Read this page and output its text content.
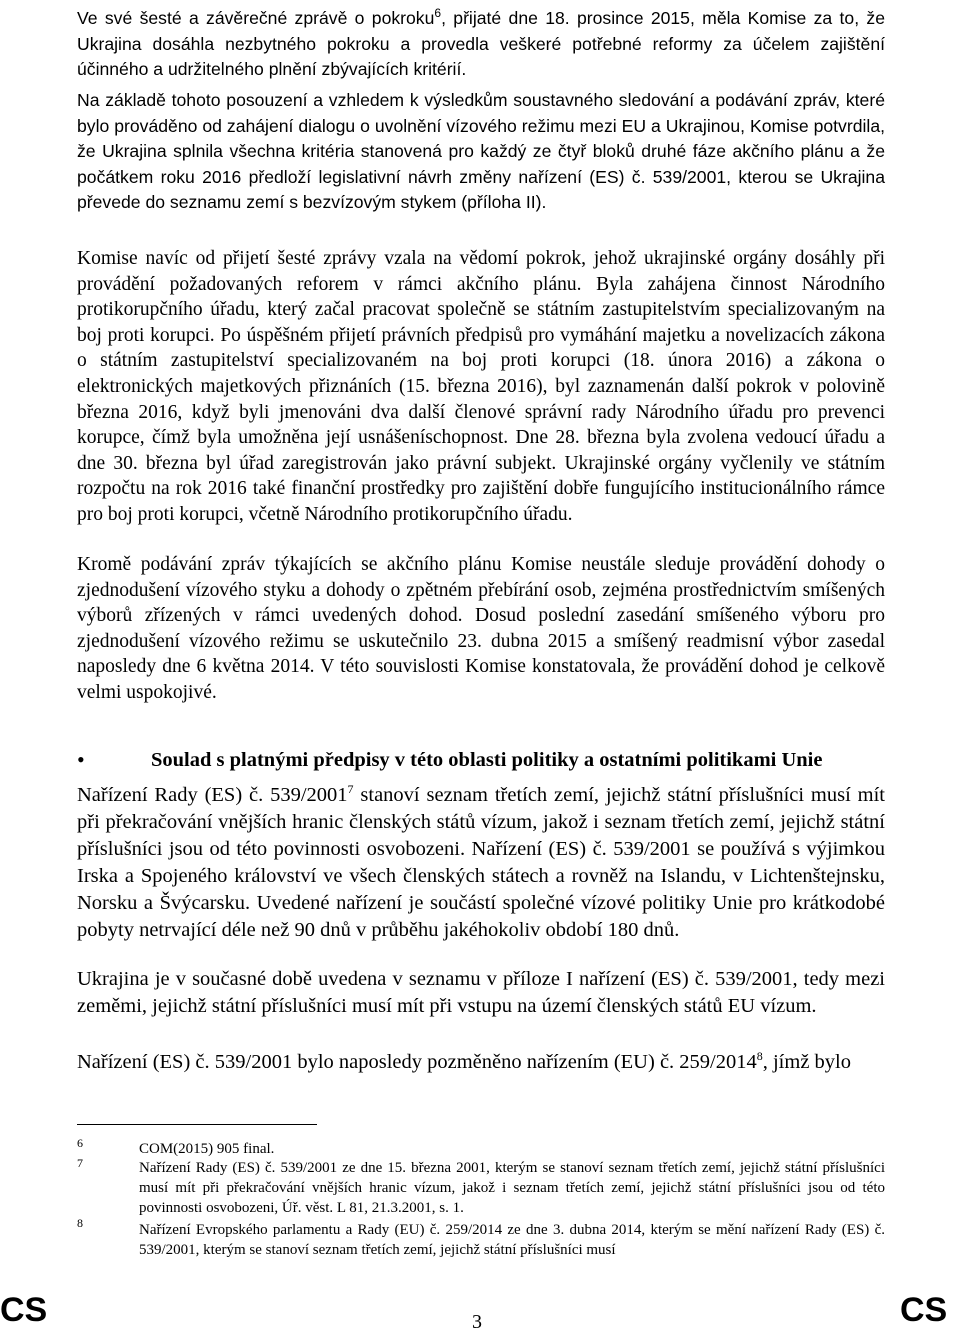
Ve své šesté a závěrečné zprávě o pokroku$^6$, přijaté dne 18. prosince 2015, měla Komise za to, že Ukrajina dosáhla nezbytného pokroku a provedla veškeré potřebné reformy za účelem zajištění účinného a udržitelného plnění zbývajících kritérií.

Na základě tohoto posouzení a vzhledem k výsledkům soustavného sledování a podávání zpráv, které bylo prováděno od zahájení dialogu o uvolnění vízového režimu mezi EU a Ukrajinou, Komise potvrdila, že Ukrajina splnila všechna kritéria stanovená pro každý ze čtyř bloků druhé fáze akčního plánu a že počátkem roku 2016 předloží legislativní návrh změny nařízení (ES) č. 539/2001, kterou se Ukrajina převede do seznamu zemí s bezvízovým stykem (příloha II).

Komise navíc od přijetí šesté zprávy vzala na vědomí pokrok, jehož ukrajinské orgány dosáhly při provádění požadovaných reforem v rámci akčního plánu. Byla zahájena činnost Národního protikorupčního úřadu, který začal pracovat společně se státním zastupitelstvím specializovaným na boj proti korupci. Po úspěšném přijetí právních předpisů pro vymáhání majetku a novelizacích zákona o státním zastupitelství specializovaném na boj proti korupci (18. února 2016) a zákona o elektronických majetkových přiznáních (15. března 2016), byl zaznamenán další pokrok v polovině března 2016, když byli jmenováni dva další členové správní rady Národního úřadu pro prevenci korupce, čímž byla umožněna její usnášeníschopnost. Dne 28. března byla zvolena vedoucí úřadu a dne 30. března byl úřad zaregistrován jako právní subjekt. Ukrajinské orgány vyčlenily ve státním rozpočtu na rok 2016 také finanční prostředky pro zajištění dobře fungujícího institucionálního rámce pro boj proti korupci, včetně Národního protikorupčního úřadu.

Kromě podávání zpráv týkajících se akčního plánu Komise neustále sleduje provádění dohody o zjednodušení vízového styku a dohody o zpětném přebírání osob, zejména prostřednictvím smíšených výborů zřízených v rámci uvedených dohod. Dosud poslední zasedání smíšeného výboru pro zjednodušení vízového režimu se uskutečnilo 23. dubna 2015 a smíšený readmisní výbor zasedal naposledy dne 6 května 2014. V této souvislosti Komise konstatovala, že provádění dohod je celkově velmi uspokojivé.

•	Soulad s platnými předpisy v této oblasti politiky a ostatními politikami Unie

Nařízení Rady (ES) č. 539/2001$^7$ stanoví seznam třetích zemí, jejichž státní příslušníci musí mít při překračování vnějších hranic členských států vízum, jakož i seznam třetích zemí, jejichž státní příslušníci jsou od této povinnosti osvobozeni. Nařízení (ES) č. 539/2001 se používá s výjimkou Irska a Spojeného království ve všech členských státech a rovněž na Islandu, v Lichtenštejnsku, Norsku a Švýcarsku. Uvedené nařízení je součástí společné vízové politiky Unie pro krátkodobé pobyty netrvající déle než 90 dnů v průběhu jakéhokoliv období 180 dnů.

Ukrajina je v současné době uvedena v seznamu v příloze I nařízení (ES) č. 539/2001, tedy mezi zeměmi, jejichž státní příslušníci musí mít při vstupu na území členských států EU vízum.

Nařízení (ES) č. 539/2001 bylo naposledy pozměněno nařízením (EU) č. 259/2014$^8$, jímž bylo

6	COM(2015) 905 final.

7	Nařízení Rady (ES) č. 539/2001 ze dne 15. března 2001, kterým se stanoví seznam třetích zemí, jejichž státní příslušníci musí mít při překračování vnějších hranic vízum, jakož i seznam třetích zemí, jejichž státní příslušníci jsou od této povinnosti osvobozeni, Úř. věst. L 81, 21.3.2001, s. 1.

8	Nařízení Evropského parlamentu a Rady (EU) č. 259/2014 ze dne 3. dubna 2014, kterým se mění nařízení Rady (ES) č. 539/2001, kterým se stanoví seznam třetích zemí, jejichž státní příslušníci musí

CS	3	CS
